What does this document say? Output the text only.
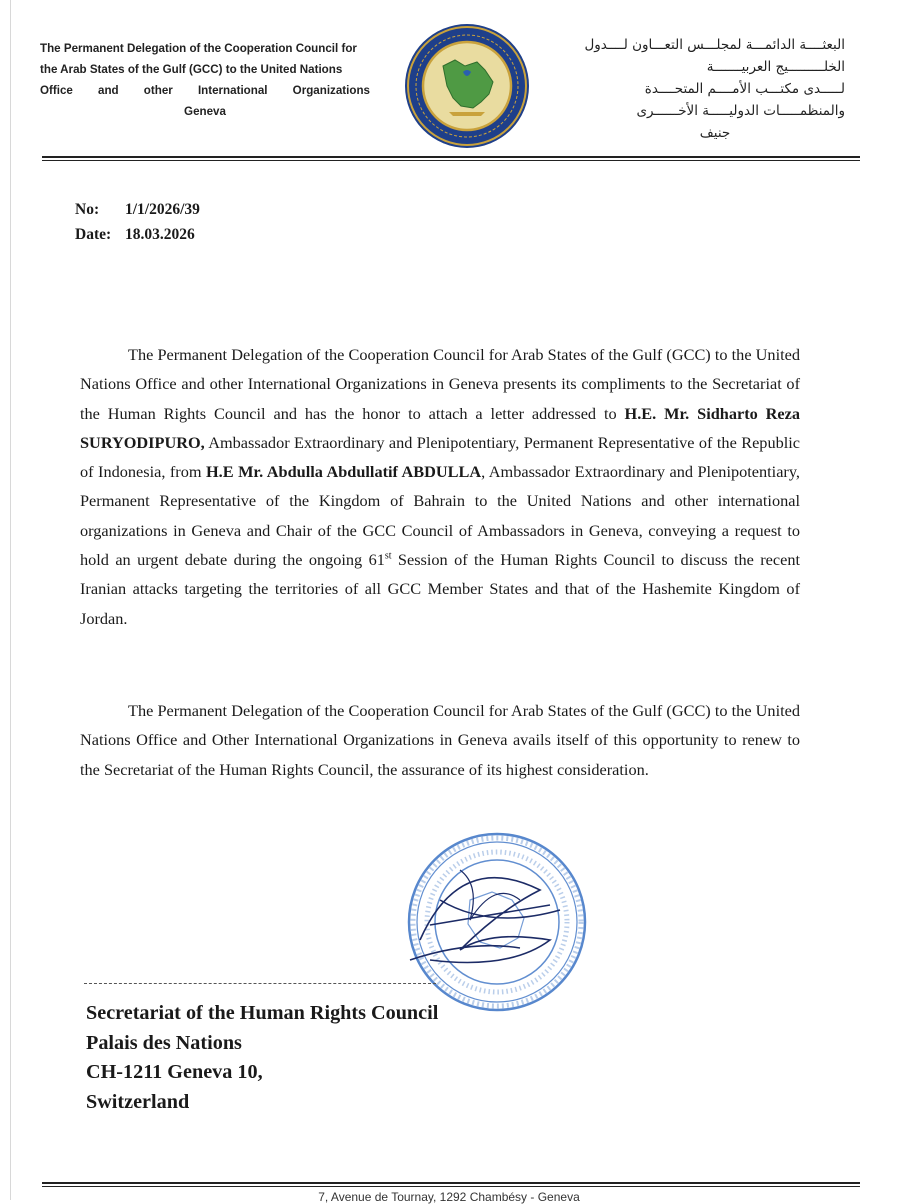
The Permanent Delegation of the Cooperation Council for
the Arab States of the Gulf (GCC) to the United Nations
Office and other International Organizations
Geneva
البعثــــة الدائمـــة لمجلـــس التعـــاون لــــدول
الخلـــــــــيج العربيـــــــة
لـــــدى مكتـــب الأمــــم المتحــــدة
والمنظمـــــات الدوليـــــة الأخــــــرى
جنيف
No: 1/1/2026/39
Date: 18.03.2026

The Permanent Delegation of the Cooperation Council for Arab States of the Gulf (GCC) to the United Nations Office and other International Organizations in Geneva presents its compliments to the Secretariat of the Human Rights Council and has the honor to attach a letter addressed to H.E. Mr. Sidharto Reza SURYODIPURO, Ambassador Extraordinary and Plenipotentiary, Permanent Representative of the Republic of Indonesia, from H.E Mr. Abdulla Abdullatif ABDULLA, Ambassador Extraordinary and Plenipotentiary, Permanent Representative of the Kingdom of Bahrain to the United Nations and other international organizations in Geneva and Chair of the GCC Council of Ambassadors in Geneva, conveying a request to hold an urgent debate during the ongoing 61st Session of the Human Rights Council to discuss the recent Iranian attacks targeting the territories of all GCC Member States and that of the Hashemite Kingdom of Jordan.

The Permanent Delegation of the Cooperation Council for Arab States of the Gulf (GCC) to the United Nations Office and Other International Organizations in Geneva avails itself of this opportunity to renew to the Secretariat of the Human Rights Council, the assurance of its highest consideration.

Secretariat of the Human Rights Council
Palais des Nations
CH-1211 Geneva 10,
Switzerland
7, Avenue de Tournay, 1292 Chambésy - Geneva
